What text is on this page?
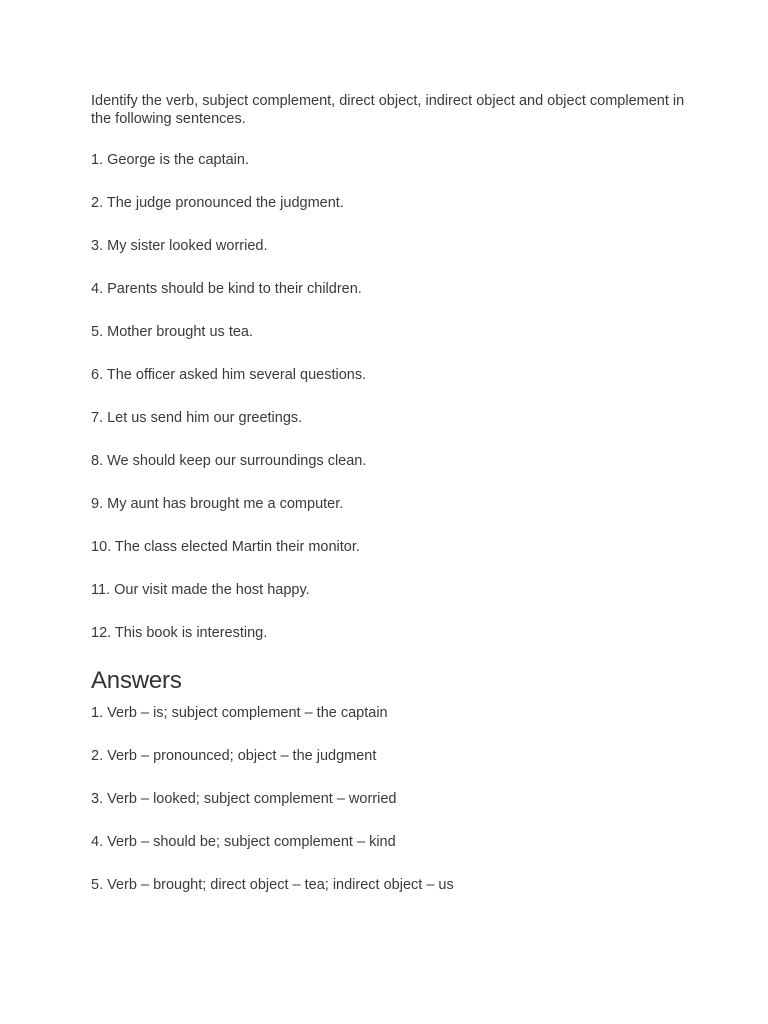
Identify the verb, subject complement, direct object, indirect object and object complement in the following sentences.

1. George is the captain.

2. The judge pronounced the judgment.

3. My sister looked worried.

4. Parents should be kind to their children.

5. Mother brought us tea.

6. The officer asked him several questions.

7. Let us send him our greetings.

8. We should keep our surroundings clean.

9. My aunt has brought me a computer.

10. The class elected Martin their monitor.

11. Our visit made the host happy.

12. This book is interesting.

Answers

1. Verb – is; subject complement – the captain

2. Verb – pronounced; object – the judgment

3. Verb – looked; subject complement – worried

4. Verb – should be; subject complement – kind

5. Verb – brought; direct object – tea; indirect object – us
